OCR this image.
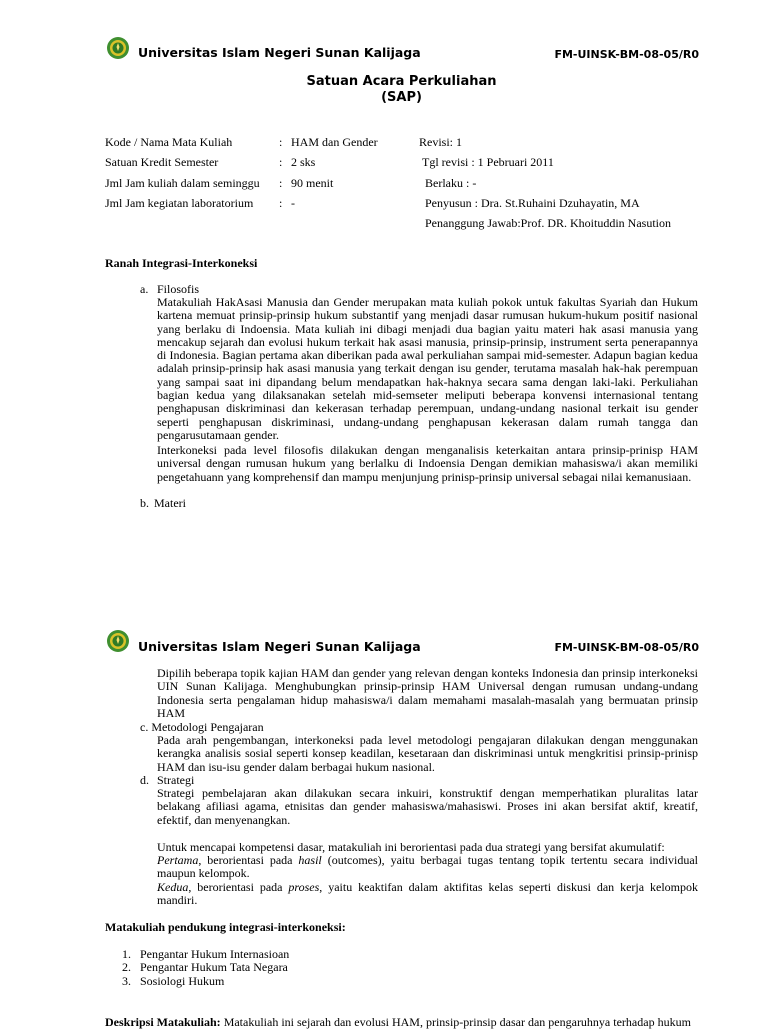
Universitas Islam Negeri Sunan Kalijaga	FM-UINSK-BM-08-05/R0
Satuan Acara Perkuliahan
(SAP)
Kode / Nama Mata Kuliah	: HAM dan Gender	Revisi: 1
Satuan Kredit Semester	: 2 sks	Tgl revisi : 1 Pebruari 2011
Jml Jam kuliah dalam seminggu : 90 menit	Berlaku : -
Jml Jam kegiatan laboratorium : -	Penyusun : Dra. St.Ruhaini Dzuhayatin, MA
Penanggung Jawab:Prof. DR. Khoituddin Nasution
Ranah Integrasi-Interkoneksi
a. Filosofis
Matakuliah HakAsasi Manusia dan Gender merupakan mata kuliah pokok untuk fakultas Syariah dan Hukum kartena memuat prinsip-prinsip hukum substantif yang menjadi dasar rumusan hukum-hukum positif nasional yang berlaku di Indoensia. Mata kuliah ini dibagi menjadi dua bagian yaitu materi hak asasi manusia yang mencakup sejarah dan evolusi hukum terkait hak asasi manusia, prinsip-prinsip, instrument serta penerapannya di Indonesia. Bagian pertama akan diberikan pada awal perkuliahan sampai mid-semester. Adapun bagian kedua adalah prinsip-prinsip hak asasi manusia yang terkait dengan isu gender, terutama masalah hak-hak perempuan yang sampai saat ini dipandang belum mendapatkan hak-haknya secara sama dengan laki-laki. Perkuliahan bagian kedua yang dilaksanakan setelah mid-semseter meliputi beberapa konvensi internasional tentang penghapusan diskriminasi dan kekerasan terhadap perempuan, undang-undang nasional terkait isu gender seperti penghapusan diskriminasi, undang-undang penghapusan kekerasan dalam rumah tangga dan pengarusutamaan gender.
Interkoneksi pada level filosofis dilakukan dengan menganalisis keterkaitan antara prinsip-prinisp HAM universal dengan rumusan hukum yang berlalku di Indoensia Dengan demikian mahasiswa/i akan memiliki pengetahuann yang komprehensif dan mampu menjunjung prinisp-prinsip universal sebagai nilai kemanusiaan.
b. Materi
Universitas Islam Negeri Sunan Kalijaga	FM-UINSK-BM-08-05/R0
Dipilih beberapa topik kajian HAM dan gender yang relevan dengan konteks Indonesia dan prinsip interkoneksi UIN Sunan Kalijaga. Menghubungkan prinsip-prinsip HAM Universal dengan rumusan undang-undang Indonesia serta pengalaman hidup mahasiswa/i dalam memahami masalah-masalah yang bermuatan prinsip HAM
c. Metodologi Pengajaran
Pada arah pengembangan, interkoneksi pada level metodologi pengajaran dilakukan dengan menggunakan kerangka analisis sosial seperti konsep keadilan, kesetaraan dan diskriminasi untuk mengkritisi prinsip-prinisp HAM dan isu-isu gender dalam berbagai hukum nasional.
d. Strategi
Strategi pembelajaran akan dilakukan secara inkuiri, konstruktif dengan memperhatikan pluralitas latar belakang afiliasi agama, etnisitas dan gender mahasiswa/mahasiswi. Proses ini akan bersifat aktif, kreatif, efektif, dan menyenangkan.
Untuk mencapai kompetensi dasar, matakuliah ini berorientasi pada dua strategi yang bersifat akumulatif:
Pertama, berorientasi pada hasil (outcomes), yaitu berbagai tugas tentang topik tertentu secara individual maupun kelompok.
Kedua, berorientasi pada proses, yaitu keaktifan dalam aktifitas kelas seperti diskusi dan kerja kelompok mandiri.
Matakuliah pendukung integrasi-interkoneksi:
1. Pengantar Hukum Internasioan
2. Pengantar Hukum Tata Negara
3. Sosiologi Hukum
Deskripsi Matakuliah: Matakuliah ini sejarah dan evolusi HAM, prinsip-prinsip dasar dan pengaruhnya terhadap hukum
